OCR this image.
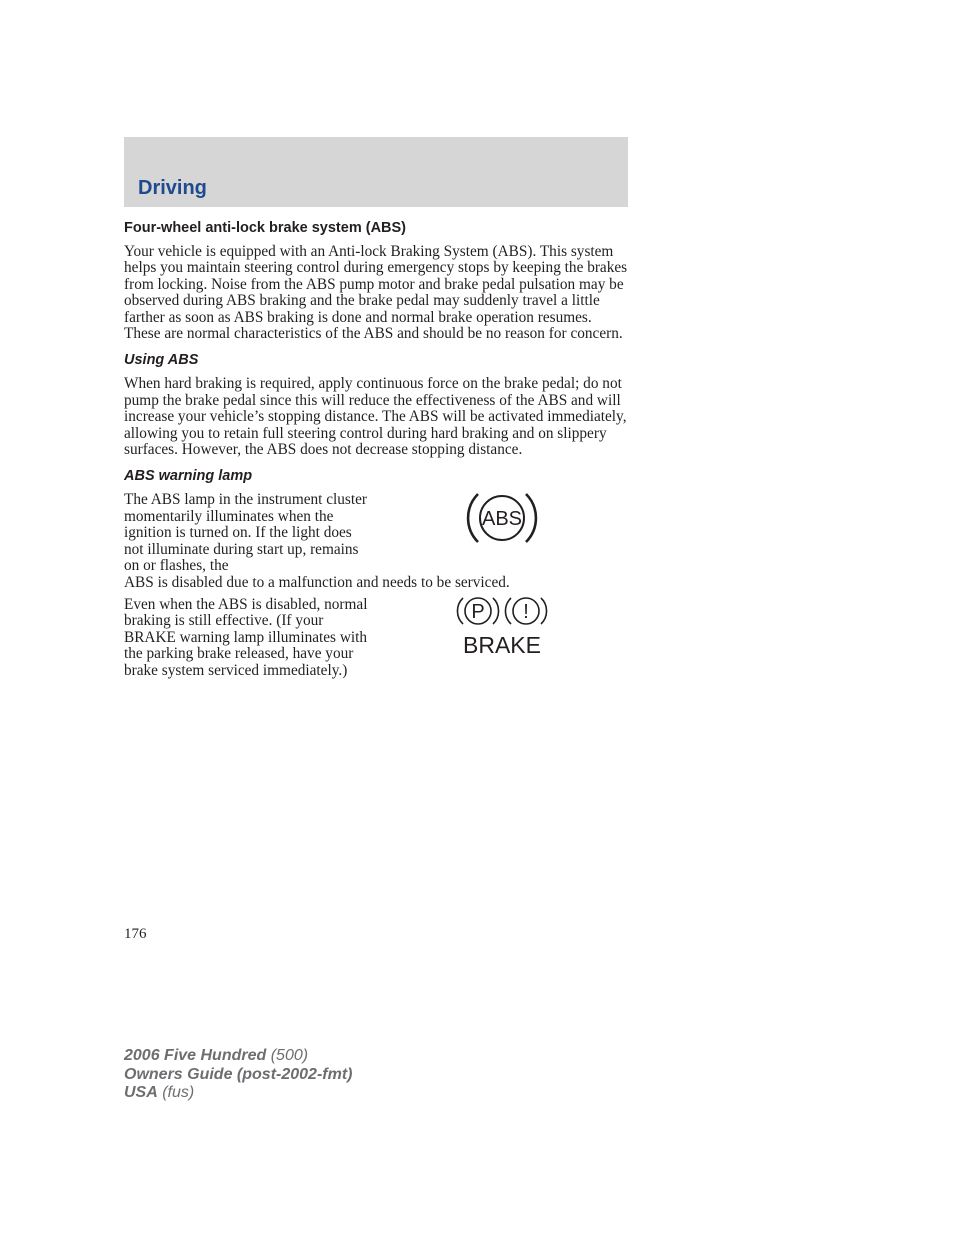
Driving
Four-wheel anti-lock brake system (ABS)

Your vehicle is equipped with an Anti-lock Braking System (ABS). This system helps you maintain steering control during emergency stops by keeping the brakes from locking. Noise from the ABS pump motor and brake pedal pulsation may be observed during ABS braking and the brake pedal may suddenly travel a little farther as soon as ABS braking is done and normal brake operation resumes. These are normal characteristics of the ABS and should be no reason for concern.

Using ABS

When hard braking is required, apply continuous force on the brake pedal; do not pump the brake pedal since this will reduce the effectiveness of the ABS and will increase your vehicle’s stopping distance. The ABS will be activated immediately, allowing you to retain full steering control during hard braking and on slippery surfaces. However, the ABS does not decrease stopping distance.

ABS warning lamp
ABS

The ABS lamp in the instrument cluster momentarily illuminates when the ignition is turned on. If the light does not illuminate during start up, remains on or flashes, the

ABS is disabled due to a malfunction and needs to be serviced.

P !
BRAKE

Even when the ABS is disabled, normal braking is still effective. (If your BRAKE warning lamp illuminates with the parking brake released, have your brake system serviced immediately.)

176
2006 Five Hundred (500)
Owners Guide (post-2002-fmt)
USA (fus)
